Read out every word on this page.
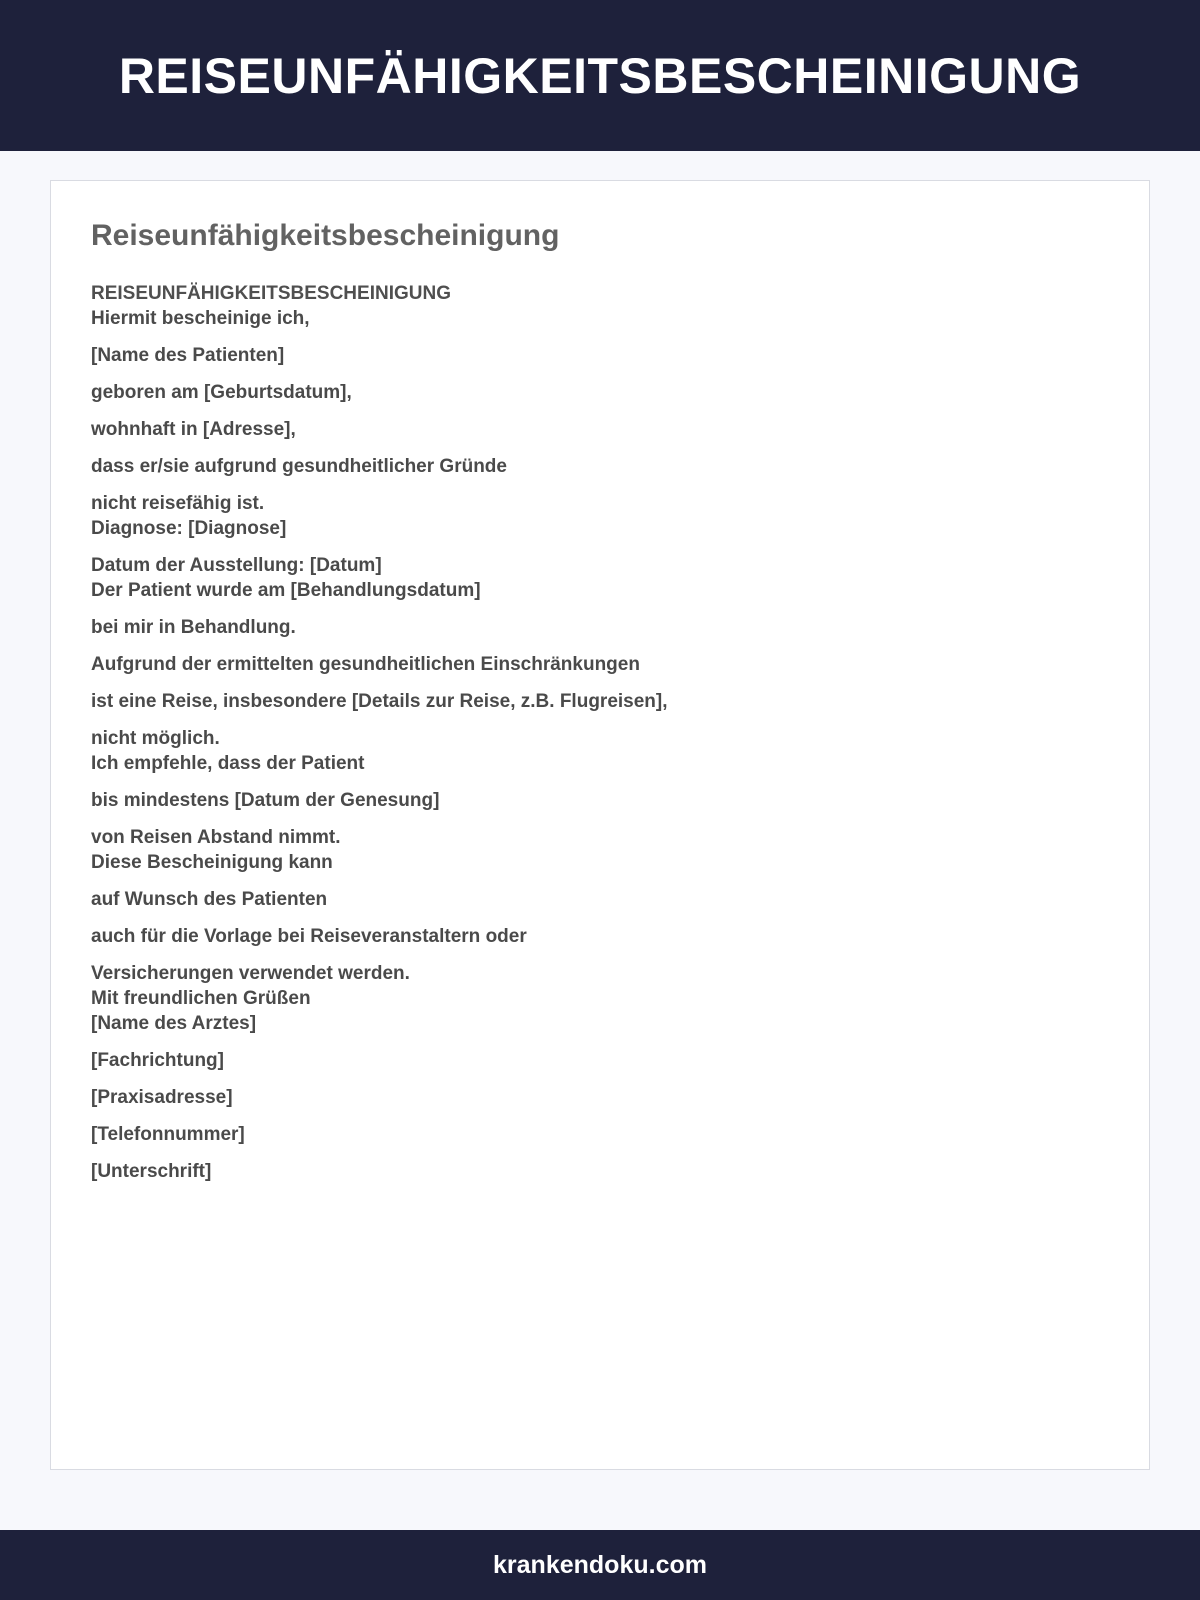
REISEUNFÄHIGKEITSBESCHEINIGUNG
Reiseunfähigkeitsbescheinigung
REISEUNFÄHIGKEITSBESCHEINIGUNG

Hiermit bescheinige ich,

[Name des Patienten]

geboren am [Geburtsdatum],

wohnhaft in [Adresse],

dass er/sie aufgrund gesundheitlicher Gründe

nicht reisefähig ist.
Diagnose: [Diagnose]

Datum der Ausstellung: [Datum]
Der Patient wurde am [Behandlungsdatum]

bei mir in Behandlung.

Aufgrund der ermittelten gesundheitlichen Einschränkungen

ist eine Reise, insbesondere [Details zur Reise, z.B. Flugreisen],

nicht möglich.
Ich empfehle, dass der Patient

bis mindestens [Datum der Genesung]

von Reisen Abstand nimmt.
Diese Bescheinigung kann

auf Wunsch des Patienten

auch für die Vorlage bei Reiseveranstaltern oder

Versicherungen verwendet werden.
Mit freundlichen Grüßen
[Name des Arztes]

[Fachrichtung]

[Praxisadresse]

[Telefonnummer]

[Unterschrift]

krankendoku.com
